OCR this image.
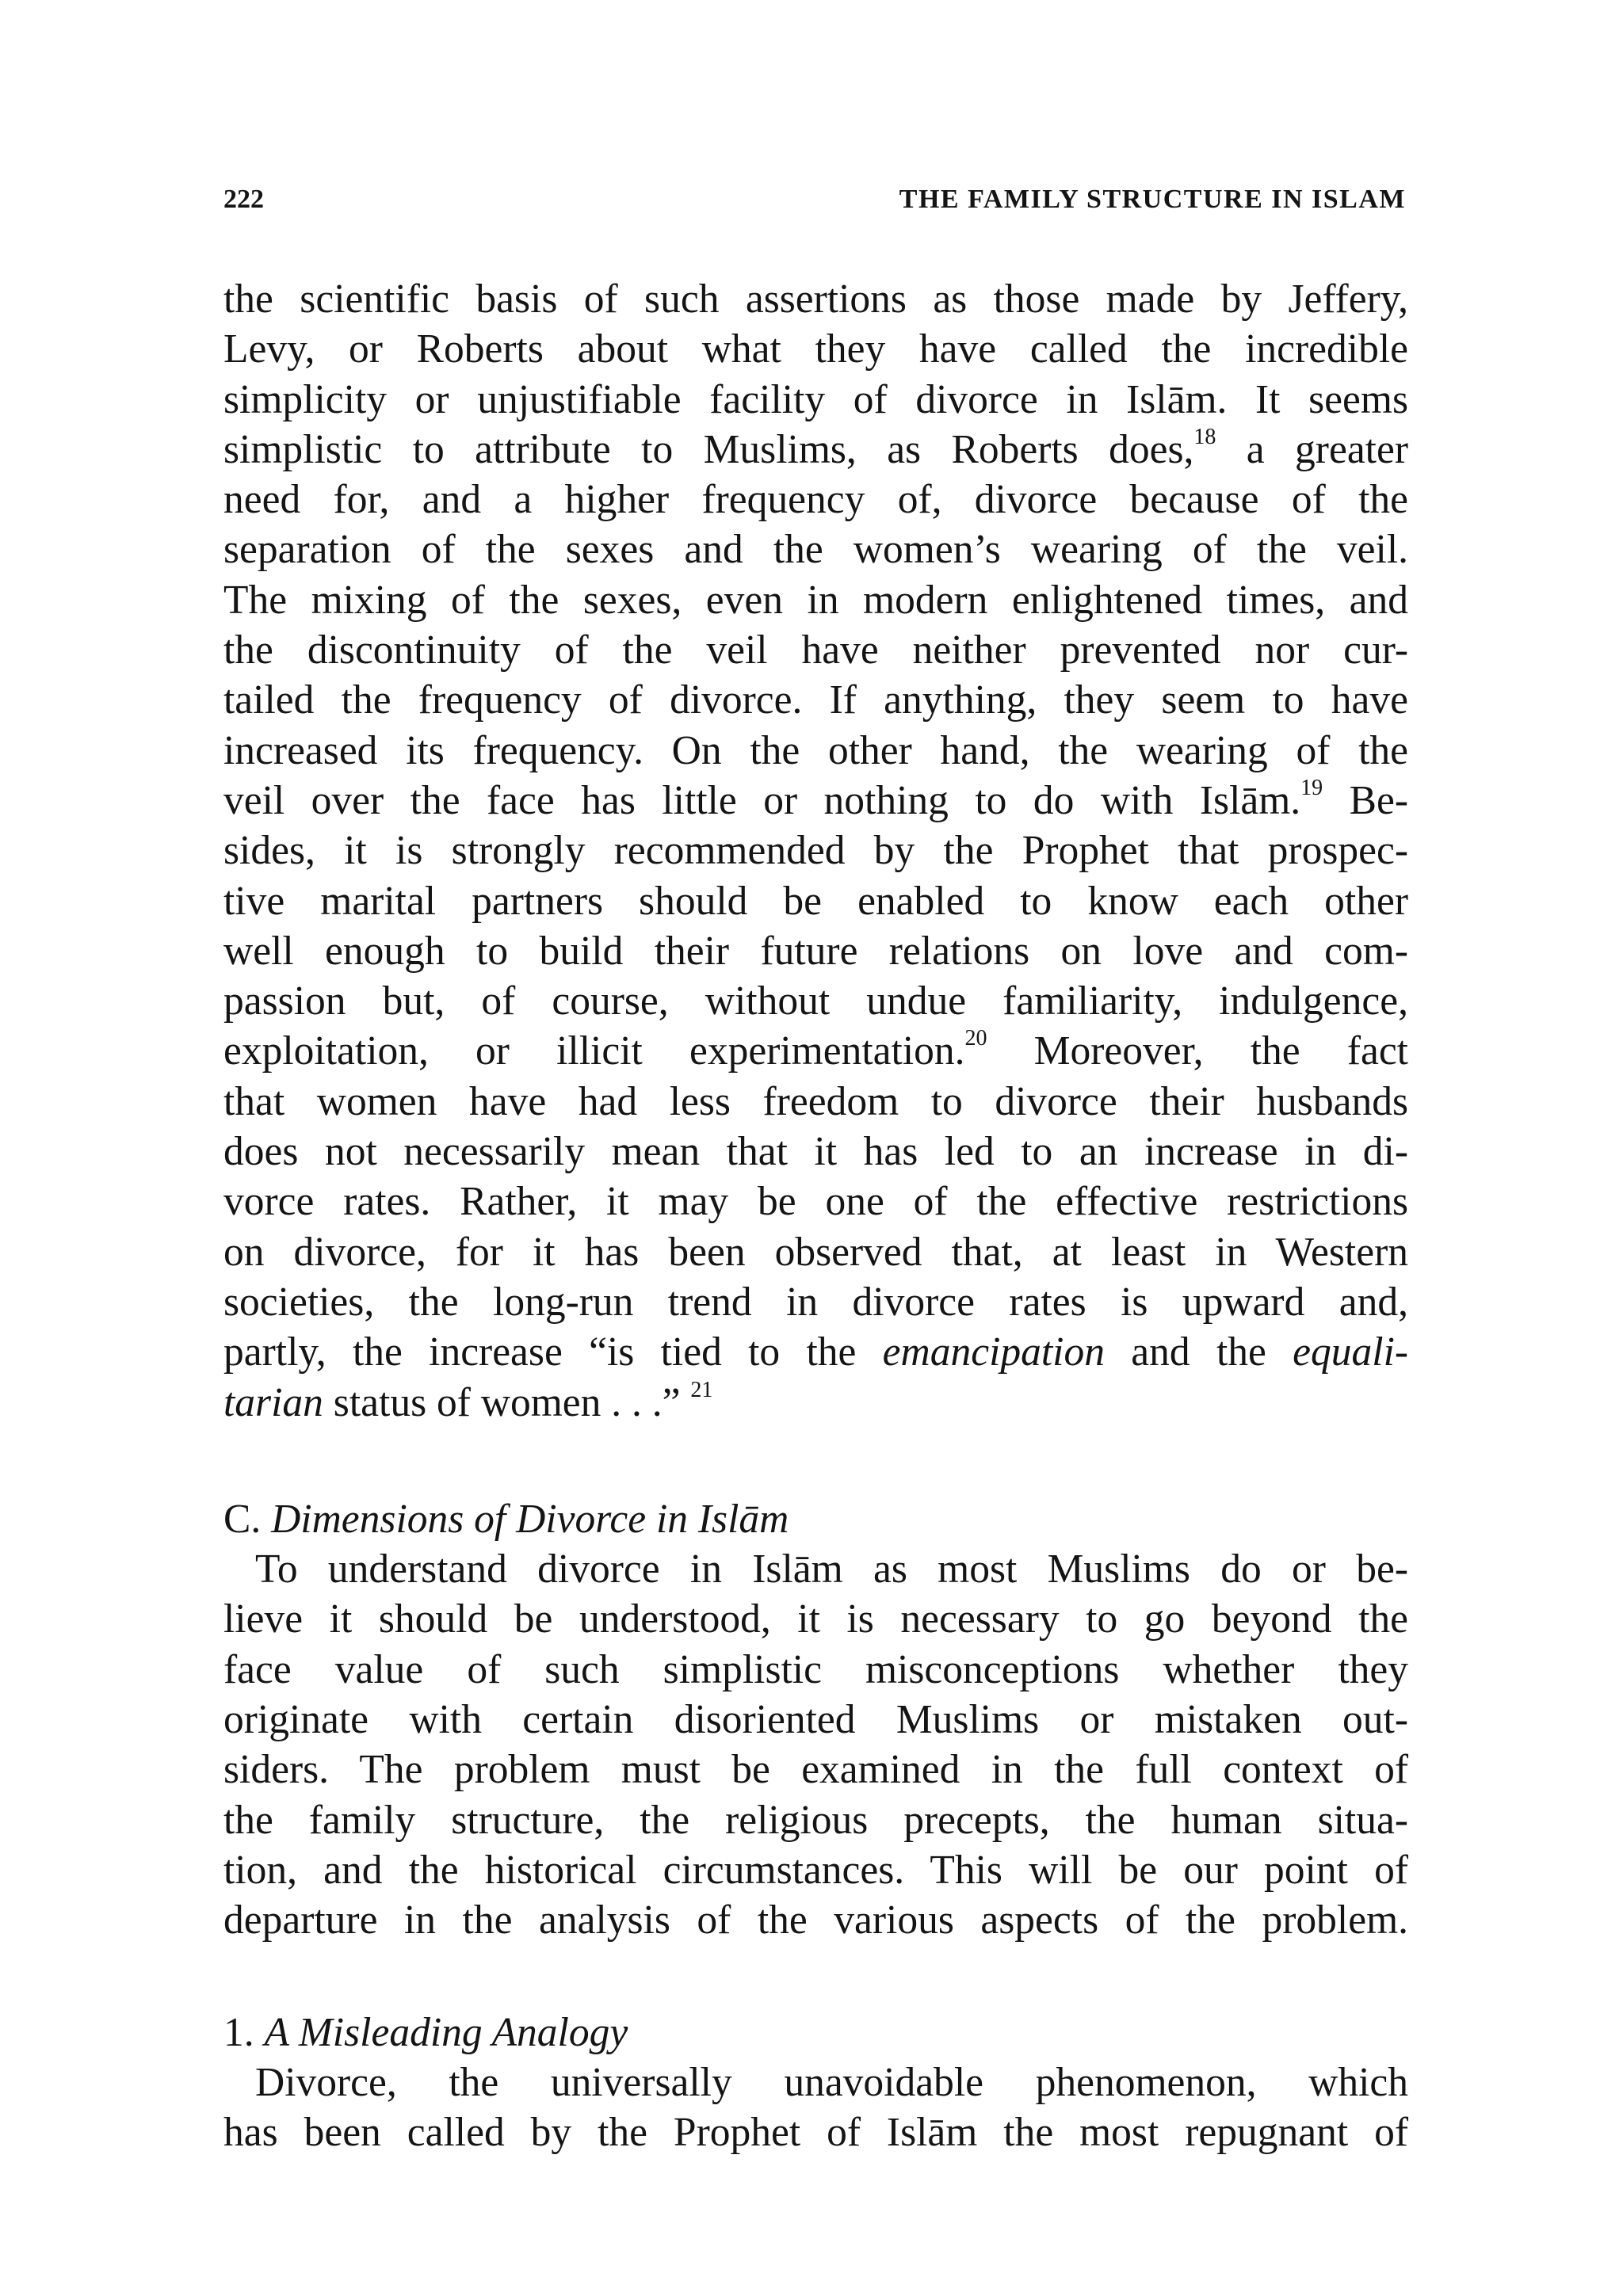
222	THE FAMILY STRUCTURE IN ISLAM
the scientific basis of such assertions as those made by Jeffery,
Levy, or Roberts about what they have called the incredible
simplicity or unjustifiable facility of divorce in Islām. It seems
simplistic to attribute to Muslims, as Roberts does,$^{18}$ a greater
need for, and a higher frequency of, divorce because of the
separation of the sexes and the women’s wearing of the veil.
The mixing of the sexes, even in modern enlightened times, and
the discontinuity of the veil have neither prevented nor cur-
tailed the frequency of divorce. If anything, they seem to have
increased its frequency. On the other hand, the wearing of the
veil over the face has little or nothing to do with Islām.$^{19}$ Be-
sides, it is strongly recommended by the Prophet that prospec-
tive marital partners should be enabled to know each other
well enough to build their future relations on love and com-
passion but, of course, without undue familiarity, indulgence,
exploitation, or illicit experimentation.$^{20}$ Moreover, the fact
that women have had less freedom to divorce their husbands
does not necessarily mean that it has led to an increase in di-
vorce rates. Rather, it may be one of the effective restrictions
on divorce, for it has been observed that, at least in Western
societies, the long-run trend in divorce rates is upward and,
partly, the increase “is tied to the emancipation and the equali-
tarian status of women . . .” $^{21}$
C. Dimensions of Divorce in Islām
To understand divorce in Islām as most Muslims do or be-
lieve it should be understood, it is necessary to go beyond the
face value of such simplistic misconceptions whether they
originate with certain disoriented Muslims or mistaken out-
siders. The problem must be examined in the full context of
the family structure, the religious precepts, the human situa-
tion, and the historical circumstances. This will be our point of
departure in the analysis of the various aspects of the problem.
1. A Misleading Analogy
Divorce, the universally unavoidable phenomenon, which
has been called by the Prophet of Islām the most repugnant of
